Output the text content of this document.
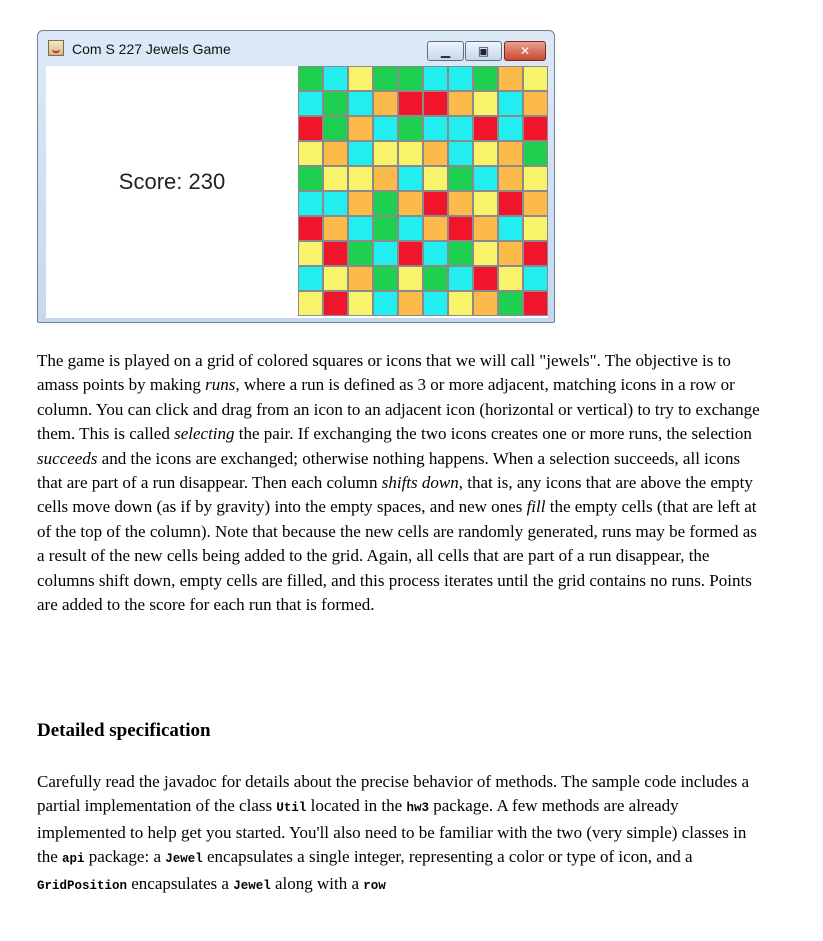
Com S 227 Jewels Game	▁	▣	✕
Score: 230
The game is played on a grid of colored squares or icons that we will call "jewels". The objective is to amass points by making runs, where a run is defined as 3 or more adjacent, matching icons in a row or column. You can click and drag from an icon to an adjacent icon (horizontal or vertical) to try to exchange them. This is called selecting the pair. If exchanging the two icons creates one or more runs, the selection succeeds and the icons are exchanged; otherwise nothing happens. When a selection succeeds, all icons that are part of a run disappear. Then each column shifts down, that is, any icons that are above the empty cells move down (as if by gravity) into the empty spaces, and new ones fill the empty cells (that are left at of the top of the column). Note that because the new cells are randomly generated, runs may be formed as a result of the new cells being added to the grid. Again, all cells that are part of a run disappear, the columns shift down, empty cells are filled, and this process iterates until the grid contains no runs. Points are added to the score for each run that is formed.
Detailed specification
Carefully read the javadoc for details about the precise behavior of methods. The sample code includes a partial implementation of the class Util located in the hw3 package. A few methods are already implemented to help get you started. You'll also need to be familiar with the two (very simple) classes in the api package: a Jewel encapsulates a single integer, representing a color or type of icon, and a GridPosition encapsulates a Jewel along with a row
